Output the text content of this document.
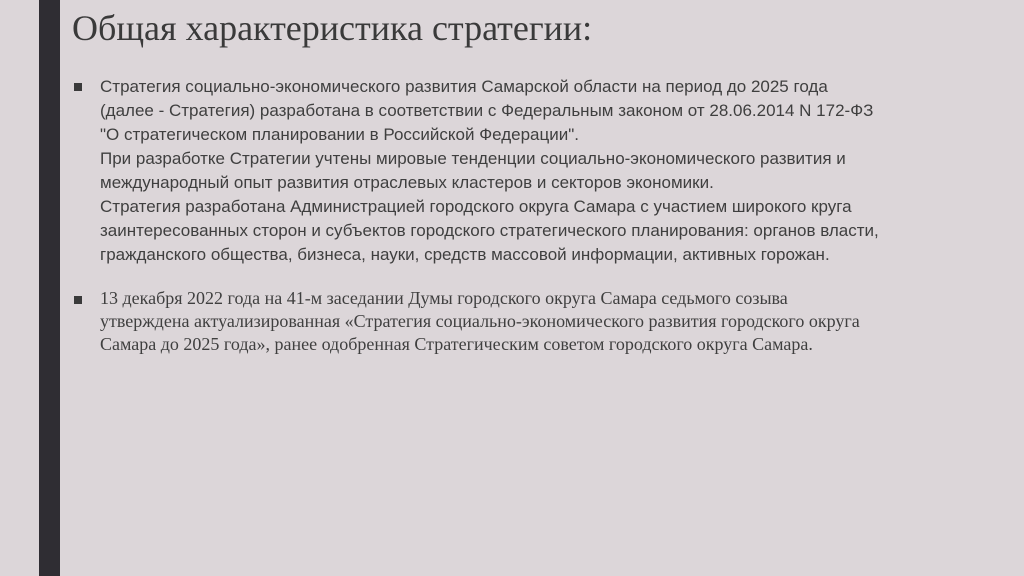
Общая характеристика стратегии:
Стратегия социально-экономического развития Самарской области на период до 2025 года
(далее - Стратегия) разработана в соответствии с Федеральным законом от 28.06.2014 N 172-ФЗ
"О стратегическом планировании в Российской Федерации".
При разработке Стратегии учтены мировые тенденции социально-экономического развития и
международный опыт развития отраслевых кластеров и секторов экономики.
Стратегия разработана Администрацией городского округа Самара с участием широкого круга
заинтересованных сторон и субъектов городского стратегического планирования: органов власти,
гражданского общества, бизнеса, науки, средств массовой информации, активных горожан.
13 декабря 2022 года на 41-м заседании Думы городского округа Самара седьмого созыва
утверждена актуализированная «Стратегия социально-экономического развития городского округа
Самара до 2025 года», ранее одобренная Стратегическим советом городского округа Самара.
